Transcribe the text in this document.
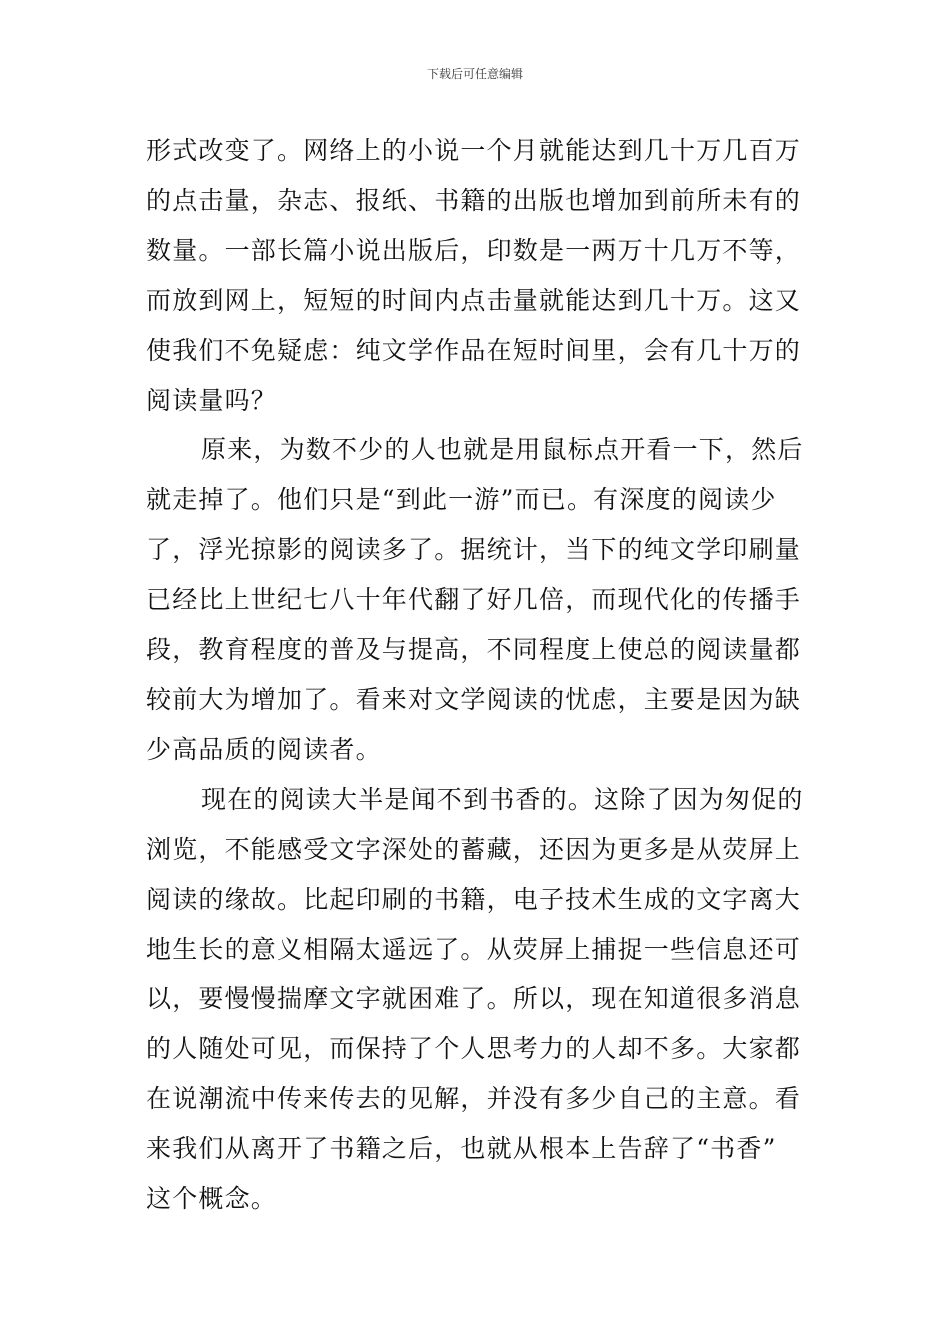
下载后可任意编辑
形式改变了。网络上的小说一个月就能达到几十万几百万
的点击量，杂志、报纸、书籍的出版也增加到前所未有的
数量。一部长篇小说出版后，印数是一两万十几万不等，
而放到网上，短短的时间内点击量就能达到几十万。这又
使我们不免疑虑：纯文学作品在短时间里，会有几十万的
阅读量吗？
原来，为数不少的人也就是用鼠标点开看一下，然后
就走掉了。他们只是“到此一游”而已。有深度的阅读少
了，浮光掠影的阅读多了。据统计，当下的纯文学印刷量
已经比上世纪七八十年代翻了好几倍，而现代化的传播手
段，教育程度的普及与提高，不同程度上使总的阅读量都
较前大为增加了。看来对文学阅读的忧虑，主要是因为缺
少高品质的阅读者。
现在的阅读大半是闻不到书香的。这除了因为匆促的
浏览，不能感受文字深处的蓄藏，还因为更多是从荧屏上
阅读的缘故。比起印刷的书籍，电子技术生成的文字离大
地生长的意义相隔太遥远了。从荧屏上捕捉一些信息还可
以，要慢慢揣摩文字就困难了。所以，现在知道很多消息
的人随处可见，而保持了个人思考力的人却不多。大家都
在说潮流中传来传去的见解，并没有多少自己的主意。看
来我们从离开了书籍之后，也就从根本上告辞了“书香”
这个概念。
